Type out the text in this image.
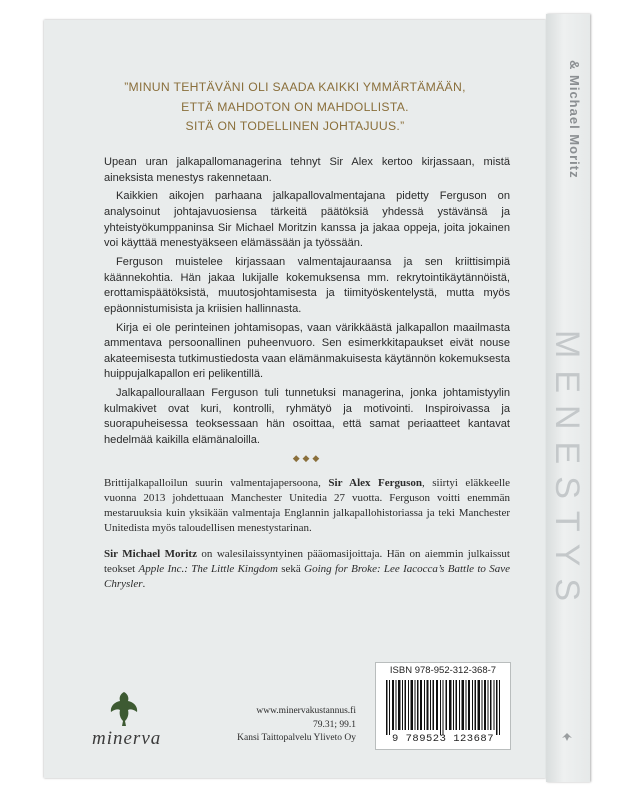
& Michael Moritz
MENESTYS
”MINUN TEHTÄVÄNI OLI SAADA KAIKKI YMMÄRTÄMÄÄN,
ETTÄ MAHDOTON ON MAHDOLLISTA.
SITÄ ON TODELLINEN JOHTAJUUS.”

Upean uran jalkapallomanagerina tehnyt Sir Alex kertoo kirjassaan, mistä aineksista menestys rakennetaan.

Kaikkien aikojen parhaana jalkapallovalmentajana pidetty Ferguson on analysoinut johtajavuosiensa tärkeitä päätöksiä yhdessä ystävänsä ja yhteistyökumppaninsa Sir Michael Moritzin kanssa ja jakaa oppeja, joita jokainen voi käyttää menestyäkseen elämässään ja työssään.

Ferguson muistelee kirjassaan valmentajauraansa ja sen kriittisimpiä käännekohtia. Hän jakaa lukijalle kokemuksensa mm. rekrytointikäytännöistä, erottamispäätöksistä, muutosjohtamisesta ja tiimityöskentelystä, mutta myös epäonnistumisista ja kriisien hallinnasta.

Kirja ei ole perinteinen johtamisopas, vaan värikkäästä jalkapallon maailmasta ammentava persoonallinen puheenvuoro. Sen esimerkkitapaukset eivät nouse akateemisesta tutkimustiedosta vaan elämänmakuisesta käytännön kokemuksesta huippujalkapallon eri pelikentillä.

Jalkapallourallaan Ferguson tuli tunnetuksi managerina, jonka johtamistyylin kulmakivet ovat kuri, kontrolli, ryhmätyö ja motivointi. Inspiroivassa ja suorapuheisessa teoksessaan hän osoittaa, että samat periaatteet kantavat hedelmää kaikilla elämänaloilla.

◆ ◆ ◆

Brittijalkapalloilun suurin valmentajapersoona, Sir Alex Ferguson, siirtyi eläkkeelle vuonna 2013 johdettuaan Manchester Unitedia 27 vuotta. Ferguson voitti enemmän mestaruuksia kuin yksikään valmentaja Englannin jalkapallohistoriassa ja teki Manchester Unitedista myös taloudellisen menestystarinan.

Sir Michael Moritz on walesilaissyntyinen pääomasijoittaja. Hän on aiemmin julkaissut teokset Apple Inc.: The Little Kingdom sekä Going for Broke: Lee Iacocca’s Battle to Save Chrysler.

minerva
www.minervakustannus.fi
79.31; 99.1
Kansi Taittopalvelu Yliveto Oy
ISBN 978-952-312-368-7
9 789523 123687
